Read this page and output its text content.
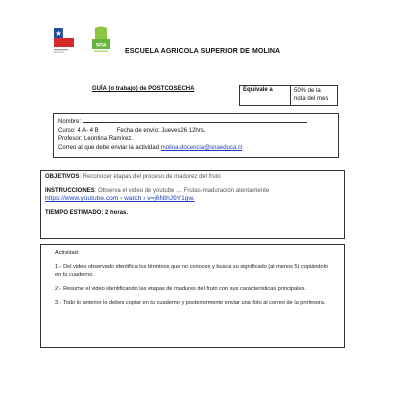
sna
ESCUELA AGRICOLA SUPERIOR DE MOLINA
GUÍA (o trabajo) de POSTCOSECHA	Equivale a	50% de la nota del mes
Nombre:
Curso: 4 A- 4 B	Fecha de envío: Jueves26 12hrs.
Profesor: Leontina Ramírez.
Correo al que debe enviar la actividad molina.docencia@snaeduca.cl
OBJETIVOS: Reconocer etapas del proceso de madurez del fruto
INSTRUCCIONES: Observa el video de youtube … Frutas-maduración atentamente
https://www.youtube.com › watch › v=j6NthJ9Y1gw.
TIEMPO ESTIMADO: 2 horas.

Actividad:

1.- Del video observado identifica los términos que no conoces y busca su significado (al menos 5) copiándolo en tu cuaderno.

2.- Resume el video identificando las etapas de madures del fruto con sus características principales.

3.- Todo lo anterior lo debes copiar en tu cuaderno y posteriormente enviar una foto al correo de la profesora.
